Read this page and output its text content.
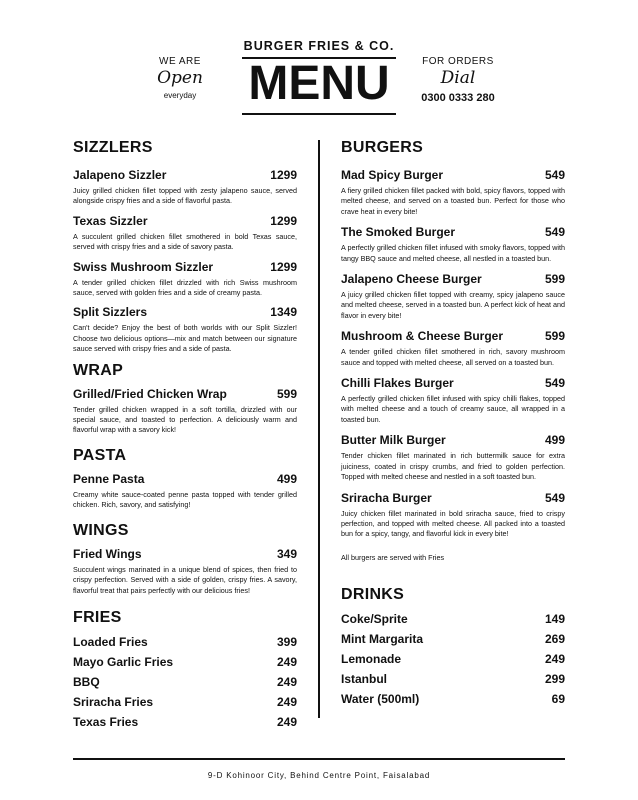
BURGER FRIES & CO.
MENU
WE ARE
Open
everyday
FOR ORDERS
Dial
0300 0333 280
SIZZLERS
Jalapeno Sizzler	1299
Juicy grilled chicken fillet topped with zesty jalapeno sauce, served alongside crispy fries and a side of flavorful pasta.
Texas Sizzler	1299
A succulent grilled chicken fillet smothered in bold Texas sauce, served with crispy fries and a side of savory pasta.
Swiss Mushroom Sizzler	1299
A tender grilled chicken fillet drizzled with rich Swiss mushroom sauce, served with golden fries and a side of creamy pasta.
Split Sizzlers	1349
Can't decide? Enjoy the best of both worlds with our Split Sizzler! Choose two delicious options—mix and match between our signature sauce served with crispy fries and a side of pasta.
WRAP
Grilled/Fried Chicken Wrap	599
Tender grilled chicken wrapped in a soft tortilla, drizzled with our special sauce, and toasted to perfection. A deliciously warm and flavorful wrap with a savory kick!
PASTA
Penne Pasta	499
Creamy white sauce-coated penne pasta topped with tender grilled chicken. Rich, savory, and satisfying!
WINGS
Fried Wings	349
Succulent wings marinated in a unique blend of spices, then fried to crispy perfection. Served with a side of golden, crispy fries. A savory, flavorful treat that pairs perfectly with our delicious fries!
FRIES
Loaded Fries	399
Mayo Garlic Fries	249
BBQ	249
Sriracha Fries	249
Texas Fries	249
BURGERS
Mad Spicy Burger	549
A fiery grilled chicken fillet packed with bold, spicy flavors, topped with melted cheese, and served on a toasted bun. Perfect for those who crave heat in every bite!
The Smoked Burger	549
A perfectly grilled chicken fillet infused with smoky flavors, topped with tangy BBQ sauce and melted cheese, all nestled in a toasted bun.
Jalapeno Cheese Burger	599
A juicy grilled chicken fillet topped with creamy, spicy jalapeno sauce and melted cheese, served in a toasted bun. A perfect kick of heat and flavor in every bite!
Mushroom & Cheese Burger	599
A tender grilled chicken fillet smothered in rich, savory mushroom sauce and topped with melted cheese, all served on a toasted bun.
Chilli Flakes Burger	549
A perfectly grilled chicken fillet infused with spicy chilli flakes, topped with melted cheese and a touch of creamy sauce, all wrapped in a toasted bun.
Butter Milk Burger	499
Tender chicken fillet marinated in rich buttermilk sauce for extra juiciness, coated in crispy crumbs, and fried to golden perfection. Topped with melted cheese and nestled in a soft toasted bun.
Sriracha Burger	549
Juicy chicken fillet marinated in bold sriracha sauce, fried to crispy perfection, and topped with melted cheese. All packed into a toasted bun for a spicy, tangy, and flavorful kick in every bite!
All burgers are served with Fries
DRINKS
Coke/Sprite	149
Mint Margarita	269
Lemonade	249
Istanbul	299
Water (500ml)	69
9-D Kohinoor City, Behind Centre Point, Faisalabad
